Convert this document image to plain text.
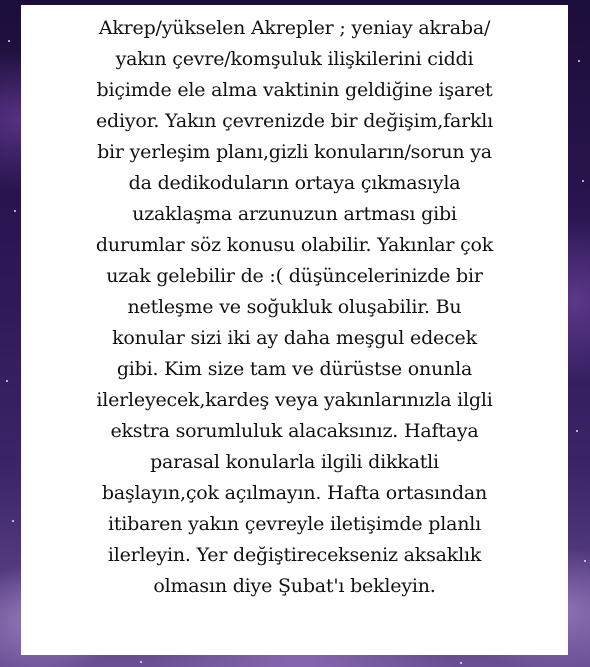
Akrep/yükselen Akrepler ; yeniay akraba/
yakın çevre/komşuluk ilişkilerini ciddi
biçimde ele alma vaktinin geldiğine işaret
ediyor. Yakın çevrenizde bir değişim,farklı
bir yerleşim planı,gizli konuların/sorun ya
da dedikoduların ortaya çıkmasıyla
uzaklaşma arzunuzun artması gibi
durumlar söz konusu olabilir. Yakınlar çok
uzak gelebilir de :( düşüncelerinizde bir
netleşme ve soğukluk oluşabilir. Bu
konular sizi iki ay daha meşgul edecek
gibi. Kim size tam ve dürüstse onunla
ilerleyecek,kardeş veya yakınlarınızla ilgli
ekstra sorumluluk alacaksınız. Haftaya
parasal konularla ilgili dikkatli
başlayın,çok açılmayın. Hafta ortasından
itibaren yakın çevreyle iletişimde planlı
ilerleyin. Yer değiştirecekseniz aksaklık
olmasın diye Şubat'ı bekleyin.
